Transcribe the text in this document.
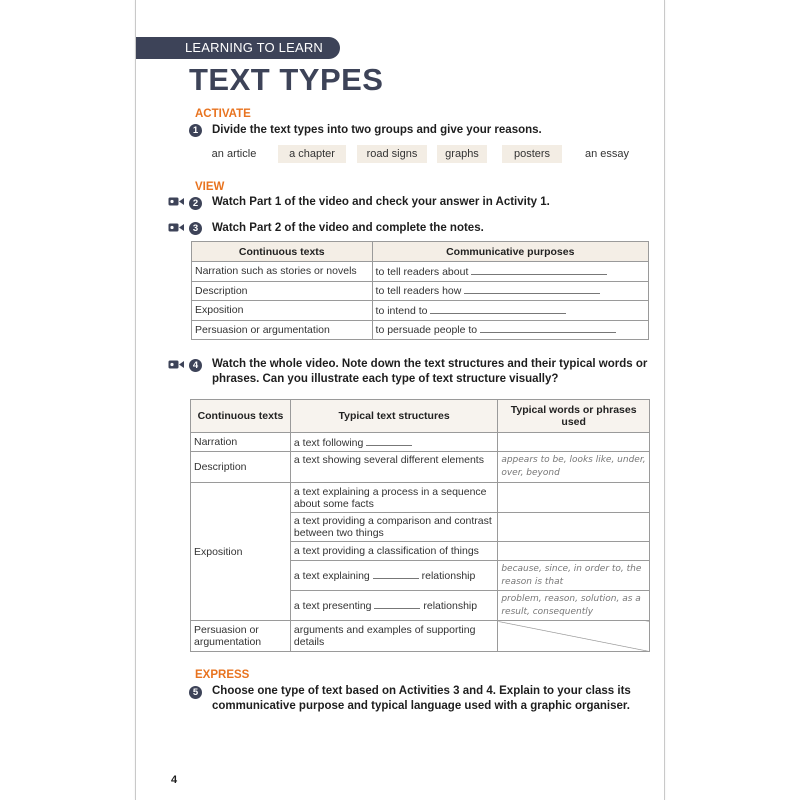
LEARNING TO LEARN
TEXT TYPES
ACTIVATE
1	Divide the text types into two groups and give your reasons.
an article	a chapter	road signs	graphs	posters	an essay
VIEW
2	Watch Part 1 of the video and check your answer in Activity 1.
3	Watch Part 2 of the video and complete the notes.
Continuous texts	Communicative purposes
Narration such as stories or novels	to tell readers about
Description	to tell readers how
Exposition	to intend to
Persuasion or argumentation	to persuade people to
4	Watch the whole video. Note down the text structures and their typical words or
phrases. Can you illustrate each type of text structure visually?
Continuous texts	Typical text structures	Typical words or phrases used
Narration	a text following	
Description	a text showing several different elements	appears to be, looks like, under, over, beyond
Exposition	a text explaining a process in a sequence about some facts	
	a text providing a comparison and contrast between two things	
	a text providing a classification of things	
	a text explaining relationship	because, since, in order to, the reason is that
	a text presenting relationship	problem, reason, solution, as a result, consequently
Persuasion or argumentation	arguments and examples of supporting details	
EXPRESS
5	Choose one type of text based on Activities 3 and 4. Explain to your class its
communicative purpose and typical language used with a graphic organiser.
4
